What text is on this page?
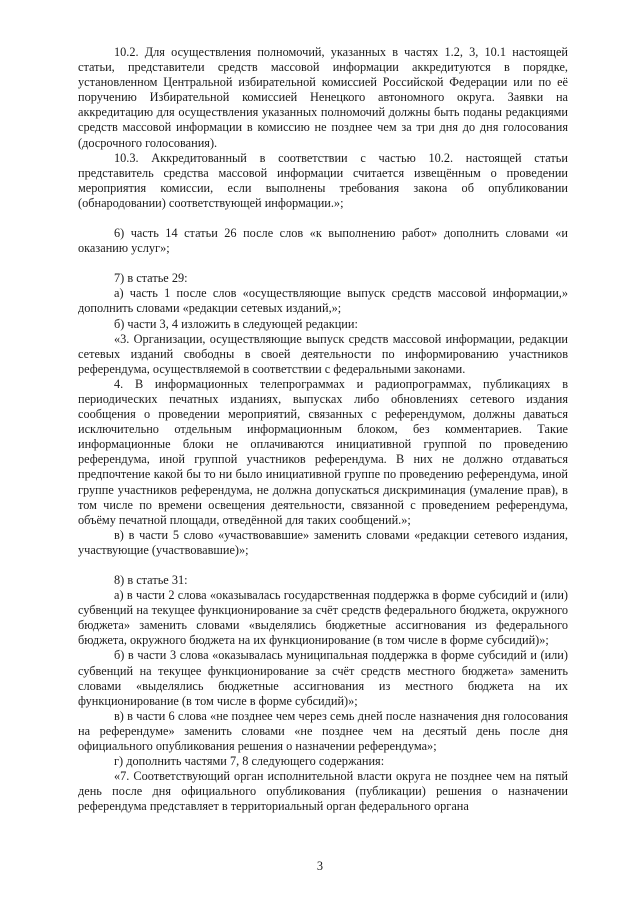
10.2. Для осуществления полномочий, указанных в частях 1.2, 3, 10.1 настоящей статьи, представители средств массовой информации аккредитуются в порядке, установленном Центральной избирательной комиссией Российской Федерации или по её поручению Избирательной комиссией Ненецкого автономного округа. Заявки на аккредитацию для осуществления указанных полномочий должны быть поданы редакциями средств массовой информации в комиссию не позднее чем за три дня до дня голосования (досрочного голосования).

10.3. Аккредитованный в соответствии с частью 10.2. настоящей статьи представитель средства массовой информации считается извещённым о проведении мероприятия комиссии, если выполнены требования закона об опубликовании (обнародовании) соответствующей информации.»;

6) часть 14 статьи 26 после слов «к выполнению работ» дополнить словами «и оказанию услуг»;

7) в статье 29:

а) часть 1 после слов «осуществляющие выпуск средств массовой информации,» дополнить словами «редакции сетевых изданий,»;

б) части 3, 4 изложить в следующей редакции:

«3. Организации, осуществляющие выпуск средств массовой информации, редакции сетевых изданий свободны в своей деятельности по информированию участников референдума, осуществляемой в соответствии с федеральными законами.

4. В информационных телепрограммах и радиопрограммах, публикациях в периодических печатных изданиях, выпусках либо обновлениях сетевого издания сообщения о проведении мероприятий, связанных с референдумом, должны даваться исключительно отдельным информационным блоком, без комментариев. Такие информационные блоки не оплачиваются инициативной группой по проведению референдума, иной группой участников референдума. В них не должно отдаваться предпочтение какой бы то ни было инициативной группе по проведению референдума, иной группе участников референдума, не должна допускаться дискриминация (умаление прав), в том числе по времени освещения деятельности, связанной с проведением референдума, объёму печатной площади, отведённой для таких сообщений.»;

в) в части 5 слово «участвовавшие» заменить словами «редакции сетевого издания, участвующие (участвовавшие)»;

8) в статье 31:

а) в части 2 слова «оказывалась государственная поддержка в форме субсидий и (или) субвенций на текущее функционирование за счёт средств федерального бюджета, окружного бюджета» заменить словами «выделялись бюджетные ассигнования из федерального бюджета, окружного бюджета на их функционирование (в том числе в форме субсидий)»;

б) в части 3 слова «оказывалась муниципальная поддержка в форме субсидий и (или) субвенций на текущее функционирование за счёт средств местного бюджета» заменить словами «выделялись бюджетные ассигнования из местного бюджета на их функционирование (в том числе в форме субсидий)»;

в) в части 6 слова «не позднее чем через семь дней после назначения дня голосования на референдуме» заменить словами «не позднее чем на десятый день после дня официального опубликования решения о назначении референдума»;

г) дополнить частями 7, 8 следующего содержания:

«7. Соответствующий орган исполнительной власти округа не позднее чем на пятый день после дня официального опубликования (публикации) решения о назначении референдума представляет в территориальный орган федерального органа

3
